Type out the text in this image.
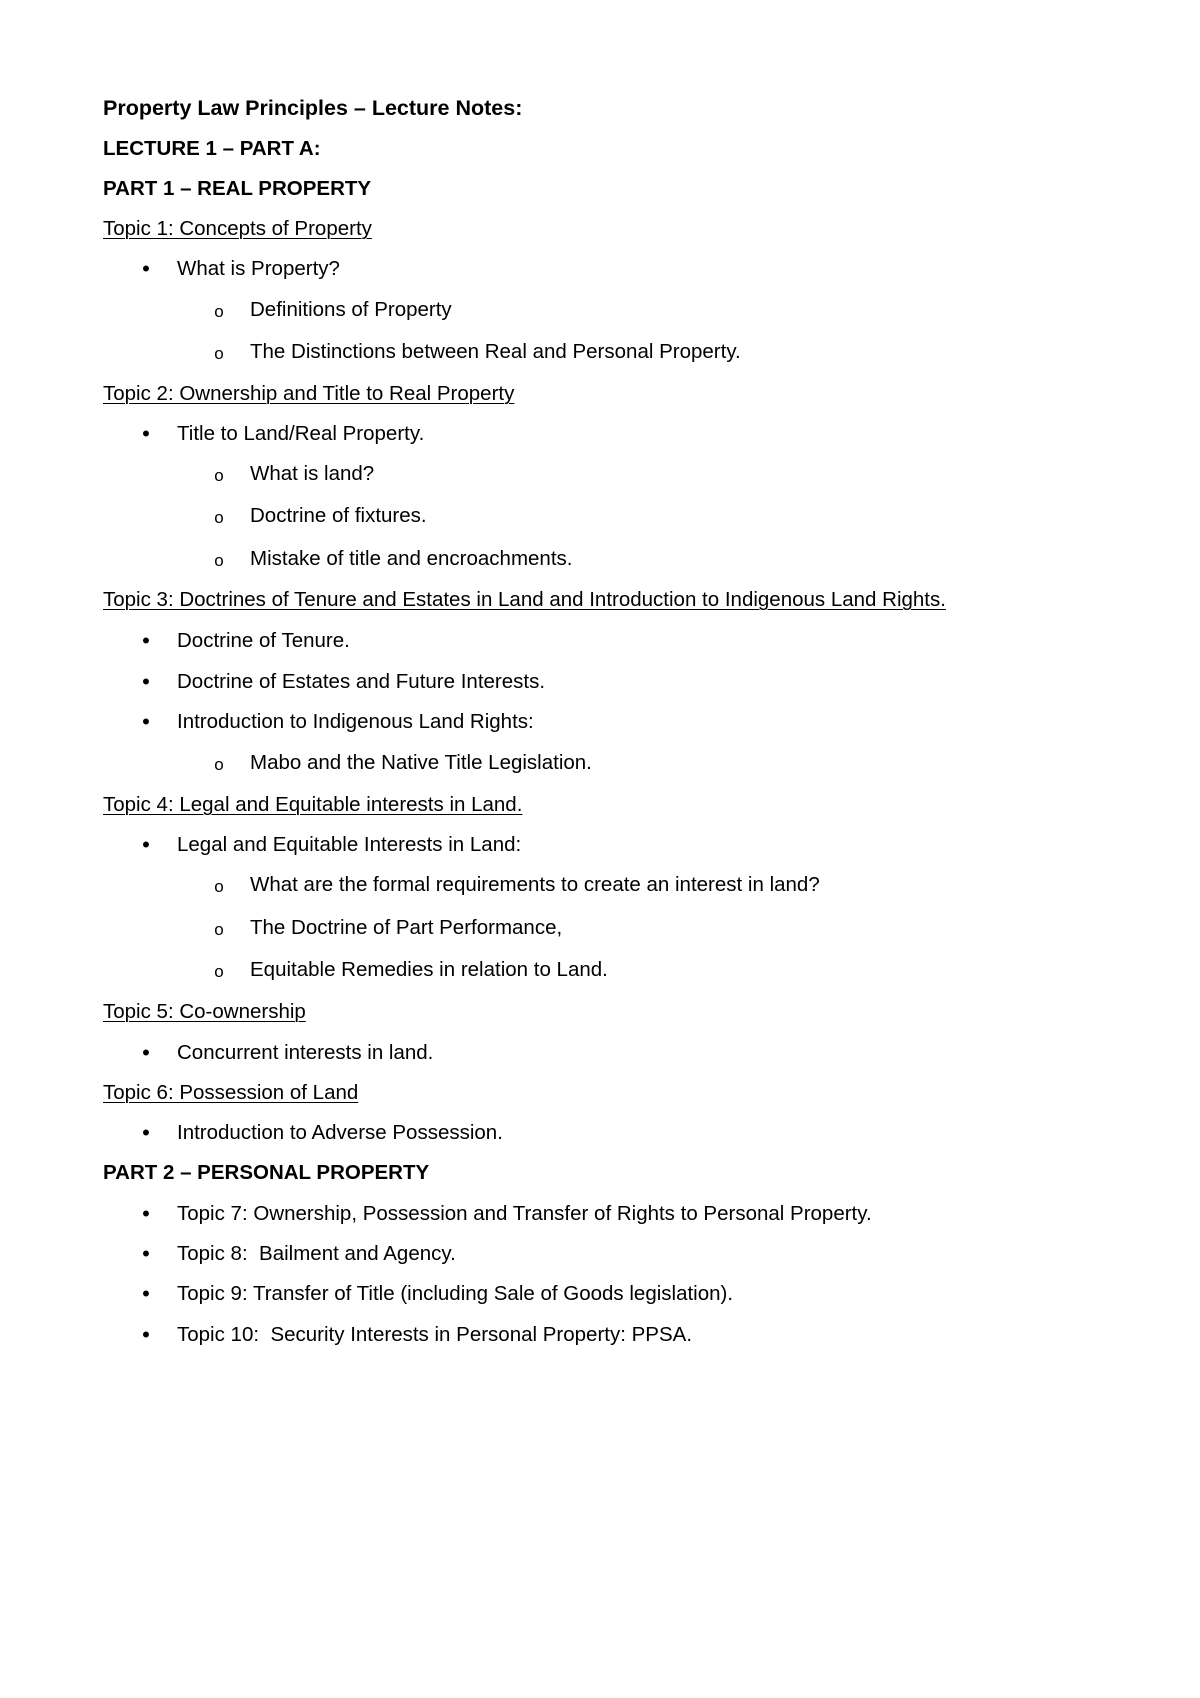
Property Law Principles – Lecture Notes:
LECTURE 1 – PART A:
PART 1 – REAL PROPERTY
Topic 1: Concepts of Property
•	What is Property?
o	Definitions of Property
o	The Distinctions between Real and Personal Property.
Topic 2: Ownership and Title to Real Property
•	Title to Land/Real Property.
o	What is land?
o	Doctrine of fixtures.
o	Mistake of title and encroachments.
Topic 3: Doctrines of Tenure and Estates in Land and Introduction to Indigenous Land Rights.
•	Doctrine of Tenure.
•	Doctrine of Estates and Future Interests.
•	Introduction to Indigenous Land Rights:
o	Mabo and the Native Title Legislation.
Topic 4: Legal and Equitable interests in Land.
•	Legal and Equitable Interests in Land:
o	What are the formal requirements to create an interest in land?
o	The Doctrine of Part Performance,
o	Equitable Remedies in relation to Land.
Topic 5: Co-ownership
•	Concurrent interests in land.
Topic 6: Possession of Land
•	Introduction to Adverse Possession.
PART 2 – PERSONAL PROPERTY
•	Topic 7: Ownership, Possession and Transfer of Rights to Personal Property.
•	Topic 8:  Bailment and Agency.
•	Topic 9: Transfer of Title (including Sale of Goods legislation).
•	Topic 10:  Security Interests in Personal Property: PPSA.
